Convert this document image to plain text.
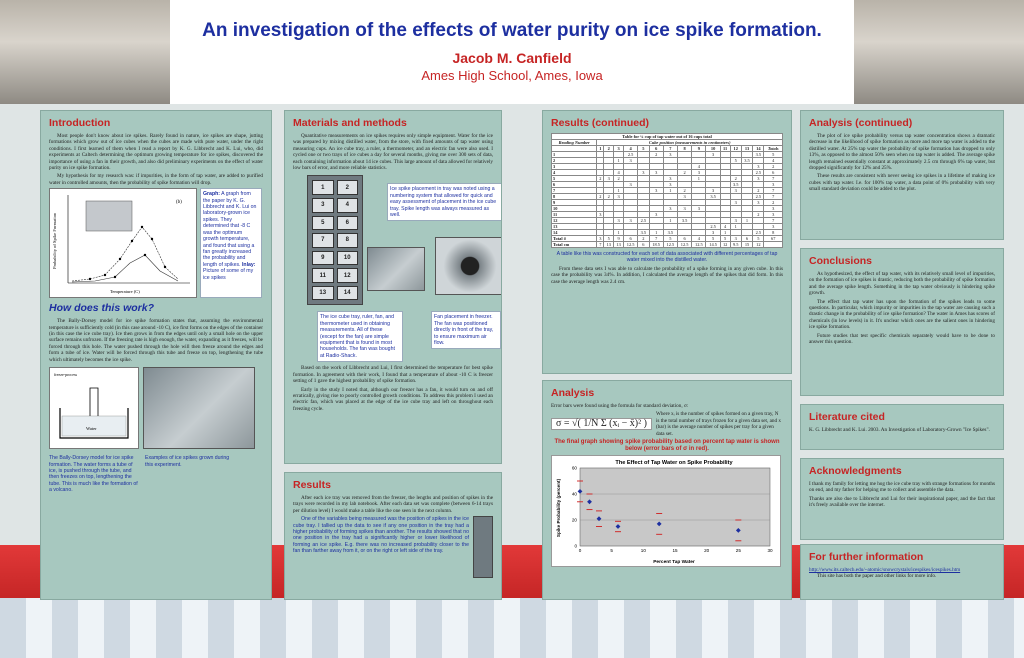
An investigation of the effects of water purity on ice spike formation.
Jacob M. Canfield
Ames High School, Ames, Iowa
Introduction

Most people don't know about ice spikes. Rarely found in nature, ice spikes are shape, jutting formations which grow out of ice cubes when the cubes are made with pure water, under the right conditions. I first learned of them when I read a report by K. G. Libbrecht and K. Lui, who, did experiments at Caltech determining the optimum growing temperature for ice spikes, discovered the importance of using a fan in their growth, and also did preliminary experiments on the effect of water purity on ice spike formation.

My hypothesis for my research was: if impurities, in the form of tap water, are added to purified water in controlled amounts, then the probability of spike formation will drop.

Probability of Spike Formation
Temperature (C)
(b)
Graph: A graph from the paper by K. G. Libbrecht and K. Lui on laboratory-grown ice spikes. They determined that -8 C was the optimum growth temperature, and found that using a fan greatly increased the probability and length of spikes. Inlay: Picture of some of my ice spikes
How does this work?

The Bally-Dorsey model for ice spike formation states that, assuming the environmental temperature is sufficiently cold (in this case around -10 C), ice first forms on the edges of the container (in this case the ice cube tray). Ice then grows in from the edges until only a small hole on the upper surface remains unfrozen. If the freezing rate is high enough, the water, expanding as it freezes, will be forced through this hole. The water pushed through the hole will then freeze around the edges and form a tube of ice. Water will be forced through this tube and freeze on top, lengthening the tube which ultimately becomes the ice spike.

freeze-process
Water
The Bally-Dorsey model for ice spike formation. The water forms a tube of ice, is pushed through the tube, and then freezes on top, lengthening the tube. This is much like the formation of a volcano.
Examples of ice spikes grown during this experiment.
Materials and methods

Quantitative measurements on ice spikes requires only simple equipment. Water for the ice was prepared by mixing distilled water, from the store, with fixed amounts of tap water using measuring cups. An ice cube tray, a ruler, a thermometer, and an electric fan were also used. I cycled one or two trays of ice cubes a day for several months, giving me over 300 sets of data, each containing information about 14 ice cubes. This large amount of data allowed for relatively low bars of error, and more reliable statistics.

1	2
3	4
5	6
7	8
9	10
11	12
13	14
Ice spike placement in tray was noted using a numbering system that allowed for quick and easy assessment of placement in the ice cube tray. Spike length was always measured as well.
The ice cube tray, ruler, fan, and thermometer used in obtaining measurements. All of these (except for the fan) are simple equipment that is found in most households. The fan was bought at Radio-Shack.
Fan placement in freezer. The fan was positioned directly in front of the tray, to ensure maximum air flow.

Based on the work of Libbrecht and Lui, I first determined the temperature for best spike formation. In agreement with their work, I found that a temperature of about -10 C is freezer setting of 1 gave the highest probability of spike formation.

Early in the study I noted that, although our freezer has a fan, it would turn on and off erratically, giving rise to poorly controlled growth conditions. To address this problem I used an electric fan, which was placed at the edge of the ice cube tray and left on throughout each freezing cycle.

Results

After each ice tray was removed from the freezer, the lengths and position of spikes in the trays were recorded in my lab notebook. After each data set was complete (between 6-14 trays per dilution level) I would make a table like the one seen in the next column.

One of the variables being measured was the position of spikes in the ice cube tray. I tallied up the data to see if any one position in the tray had a higher probability of forming spikes than another. The results showed that no one position in the tray had a significantly higher or lower likelihood of forming an ice spike. E.g. there was no increased probability closer to the fan than farther away from it, or on the right or left side of the tray.

Results (continued)
Table for ¼ cup of tap water out of 16 cups total															
Reading Number	Cube position (measurements in centimeters)														
	1	2	3	4	5	6	7	8	9	10	11	12	13	14	Totals
1				2.5		2	3			3				3.5	5
2			1	3								5	3.5		4
3									4					3	2
4			4		3	3		2	3					2.5	6
5	2	3	2				3		1			2		3	7
6				3			3					3.5			3
7			1			3	1	2		3		3		2	7
8	2	2	3					3		3.5				2.5	7
9												3		3	2
10							3	3	3						3
11	3					3								2	3
12			3	3	2.5		1	3.5				3	1		7
13										2.5	4	1			3
14			1		3.5	1	3.5			3	1			2.5	8
Total #	3	5	9	6	2	7	5	6	4	5	5	3	6	5	67
Total cm	7	13	13	12.5	6	18.5	12.5	12.5	12.5	14.5	12	9.5	15	12	

A table like this was constructed for each set of data associated with different percentages of tap water mixed into the distilled water.

From these data sets I was able to calculate the probability of a spike forming in any given cube. In this case the probability was 34%. In addition, I calculated the average length of the spikes that did form. In this case the average length was 2.4 cm.

Analysis

Error bars were found using the formula for standard deviation, σ:

σ = √( 1/N Σ (xᵢ − x̄)² )
Where xᵢ is the number of spikes formed on a given tray, N is the total number of trays frozen for a given data set, and x (bar) is the average number of spikes per tray for a given data set.
The final graph showing spike probability based on percent tap water is shown below (error bars of σ in red).
The Effect of Tap Water on Spike Probability
Spike Probability (percent)
Percent Tap Water
0
20
40
60
0	5	10	15	20	25	30
Analysis (continued)

The plot of ice spike probability versus tap water concentration shows a dramatic decrease in the likelihood of spike formation as more and more tap water is added to the distilled water. At 25% tap water the probability of spike formation has dropped to only 13%, as opposed to the almost 50% seen when no tap water is added. The average spike length remained essentially constant at approximately 2.5 cm through 6% tap water, but dropped significantly for 12% and 25%.

These results are consistent with never seeing ice spikes in a lifetime of making ice cubes with tap water. I.e. for 100% tap water, a data point of 0% probability with very small standard deviation could be added to the plot.

Conclusions

As hypothesized, the effect of tap water, with its relatively small level of impurities, on the formation of ice spikes is drastic, reducing both the probability of spike formation and the average spike length. Something in the tap water obviously is hindering spike growth.

The effect that tap water has upon the formation of the spikes leads to some questions. In particular, which impurity or impurities in the tap water are causing such a drastic change in the probability of ice spike formation? The water in Ames has scores of chemicals (in low levels) in it. It's unclear which ones are the salient ones in hindering ice spike formation.

Future studies that test specific chemicals separately would have to be done to answer this question.

Literature cited

K. G. Libbrecht and K. Lui. 2003. An Investigation of Laboratory-Grown "Ice Spikes".

Acknowledgments

I thank my family for letting me hog the ice cube tray with strange formations for months on end, and my father for helping me to collect and assemble the data.

Thanks are also due to Libbrecht and Lui for their inspirational paper, and the fact that it's freely available over the internet.

For further information
http://www.its.caltech.edu/~atomic/snowcrystals/icespikes/icespikes.htm

This site has both the paper and other links for more info.
